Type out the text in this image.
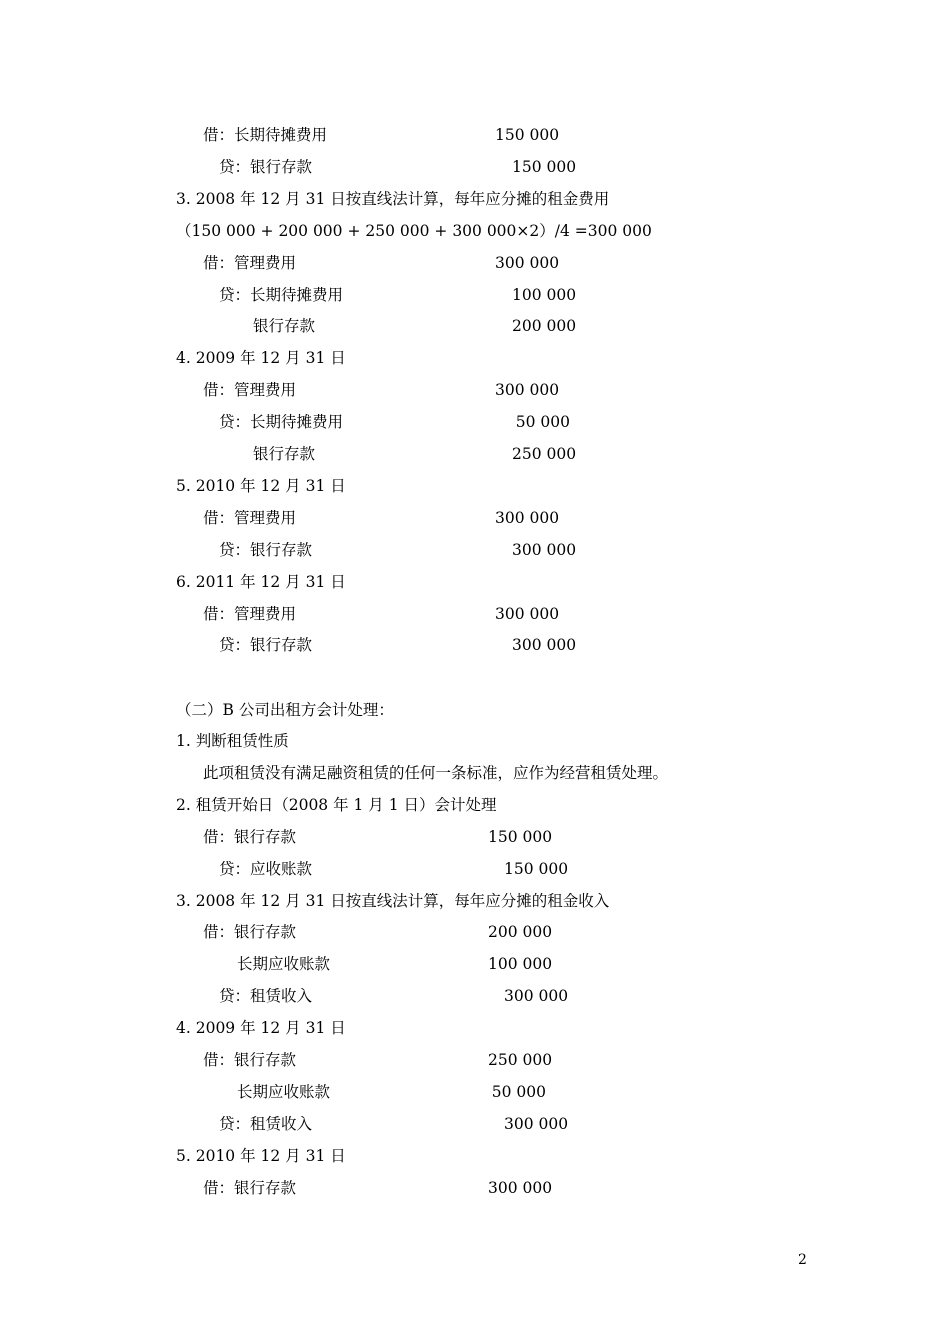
借：长期待摊费用	150 000
贷：银行存款	150 000
3. 2008 年 12 月 31 日按直线法计算，每年应分摊的租金费用
（150 000 + 200 000 + 250 000 + 300 000×2）/4 =300 000
借：管理费用	300 000
贷：长期待摊费用	100 000
银行存款	200 000
4. 2009 年 12 月 31 日
借：管理费用	300 000
贷：长期待摊费用	50 000
银行存款	250 000
5. 2010 年 12 月 31 日
借：管理费用	300 000
贷：银行存款	300 000
6. 2011 年 12 月 31 日
借：管理费用	300 000
贷：银行存款	300 000
（二）B 公司出租方会计处理：
1. 判断租赁性质
此项租赁没有满足融资租赁的任何一条标准，应作为经营租赁处理。
2. 租赁开始日（2008 年 1 月 1 日）会计处理
借：银行存款	150 000
贷：应收账款	150 000
3. 2008 年 12 月 31 日按直线法计算，每年应分摊的租金收入
借：银行存款	200 000
长期应收账款	100 000
贷：租赁收入	300 000
4. 2009 年 12 月 31 日
借：银行存款	250 000
长期应收账款	50 000
贷：租赁收入	300 000
5. 2010 年 12 月 31 日
借：银行存款	300 000
2
